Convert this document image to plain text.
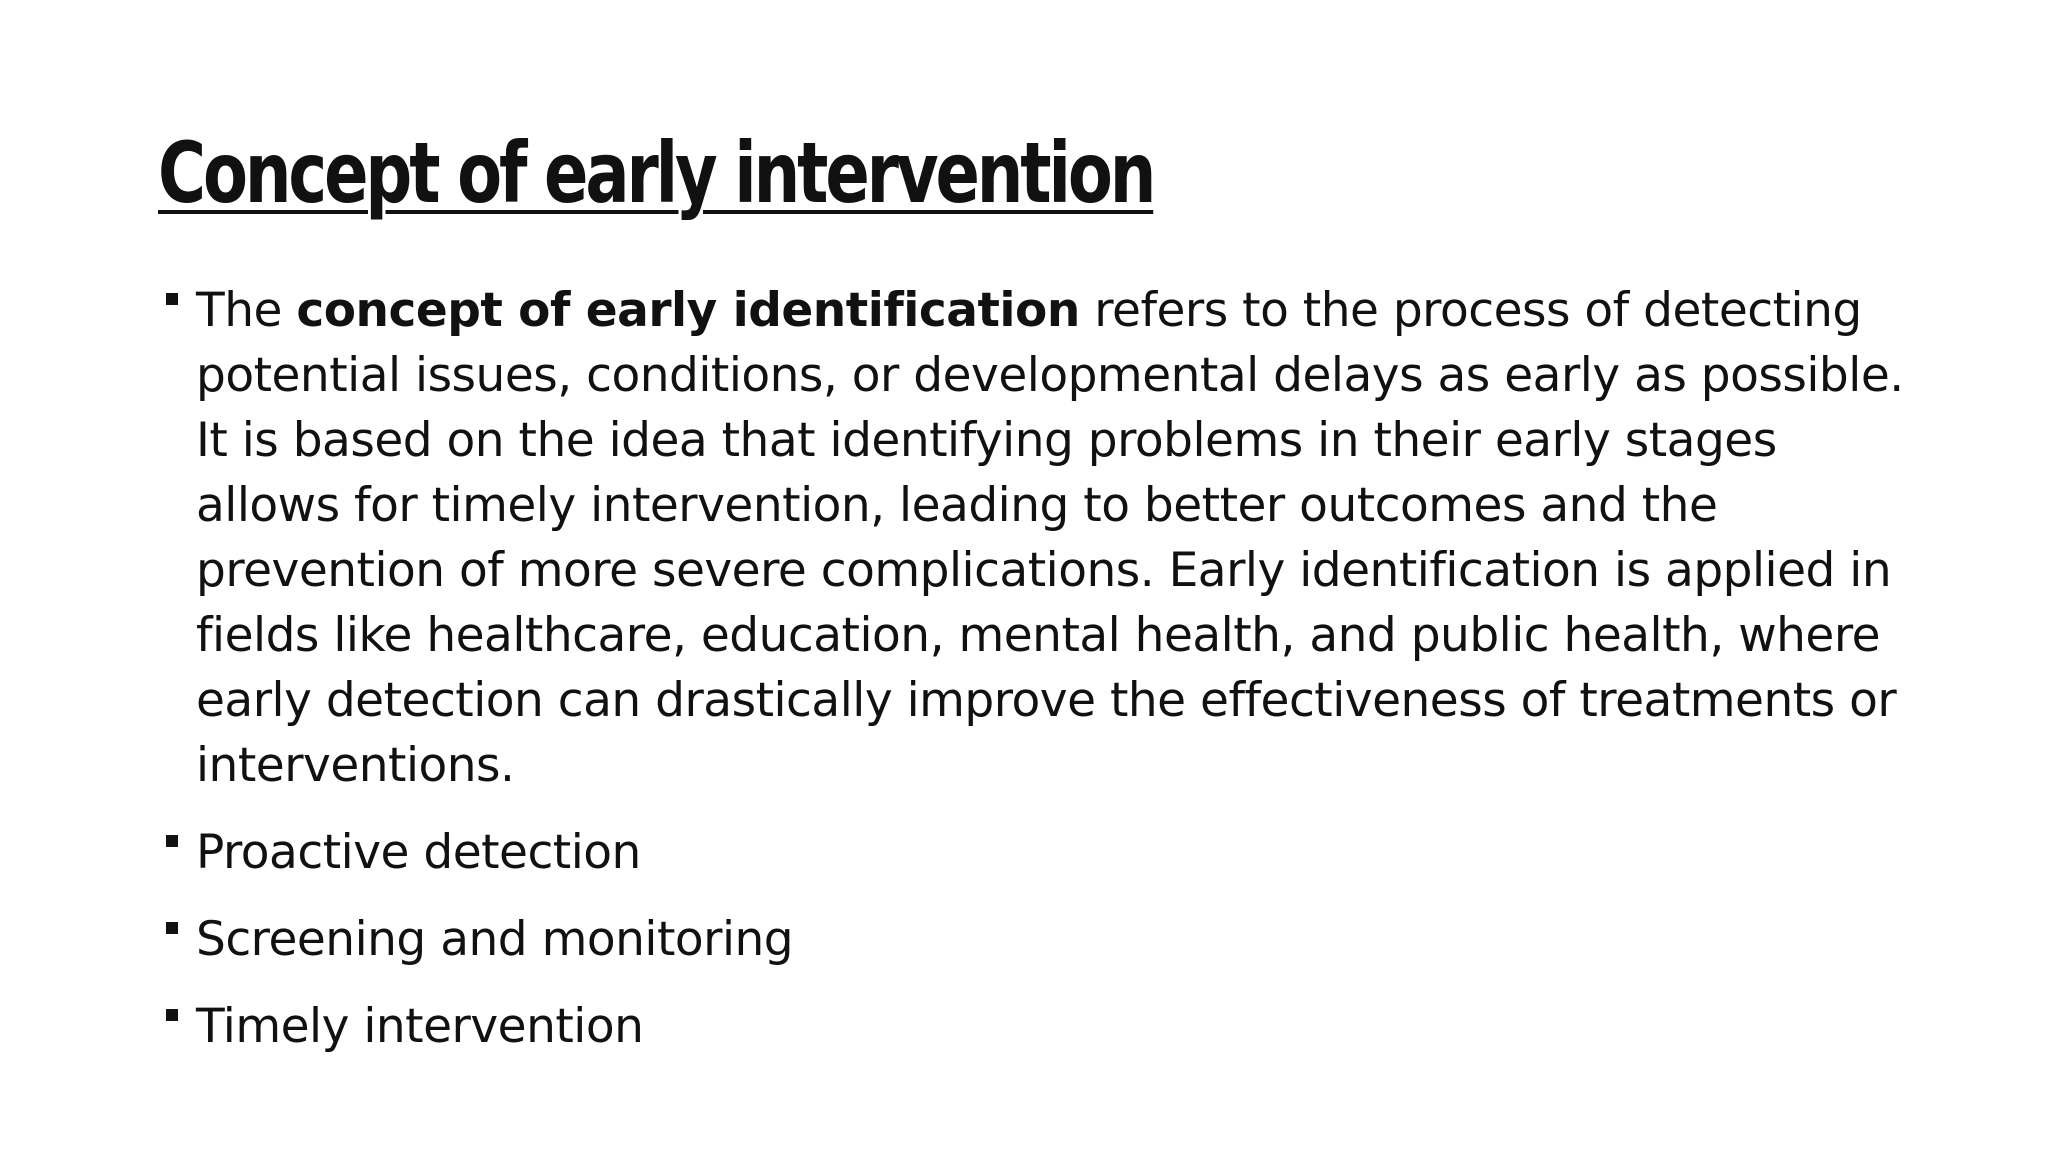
Concept of early intervention
The concept of early identification refers to the process of detecting potential issues, conditions, or developmental delays as early as possible. It is based on the idea that identifying problems in their early stages allows for timely intervention, leading to better outcomes and the prevention of more severe complications. Early identification is applied in fields like healthcare, education, mental health, and public health, where early detection can drastically improve the effectiveness of treatments or interventions.
Proactive detection
Screening and monitoring
Timely intervention
